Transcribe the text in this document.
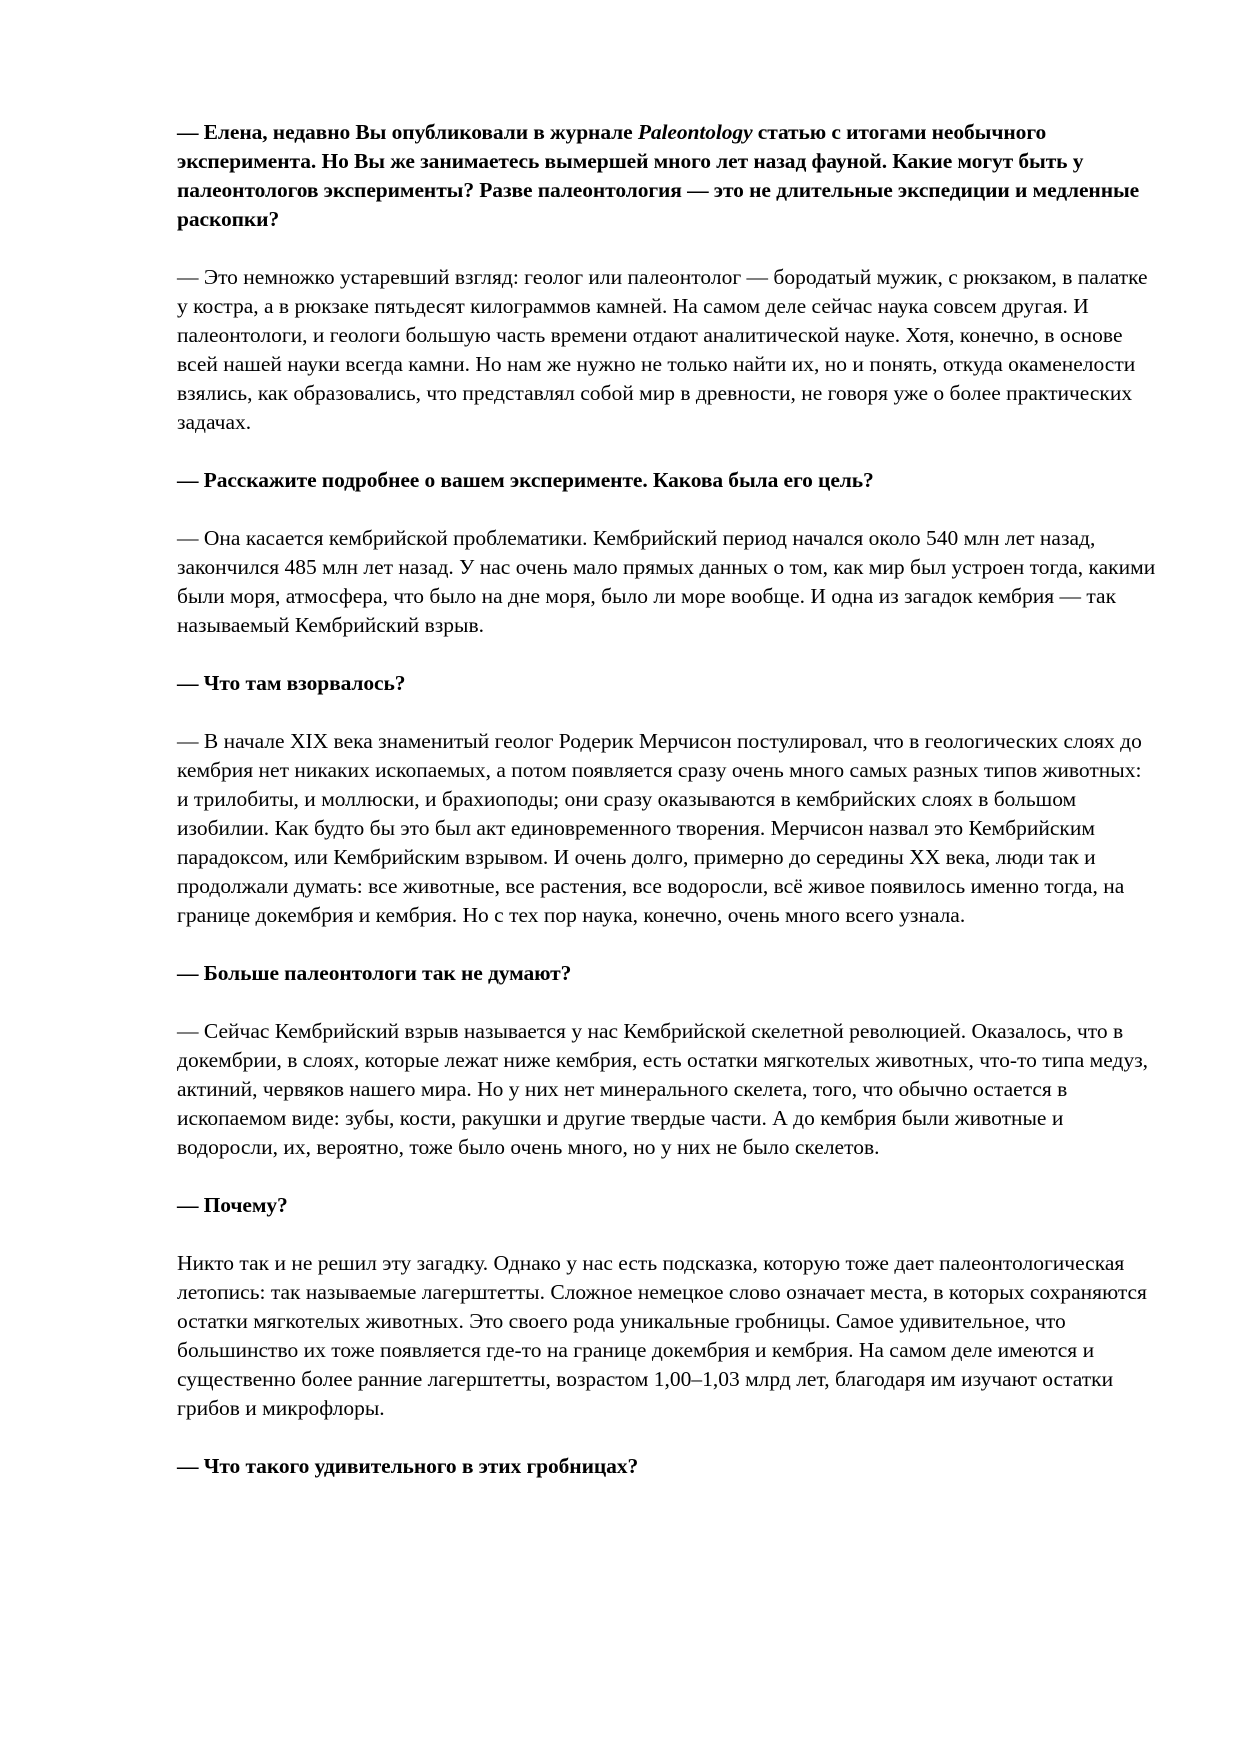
— Елена, недавно Вы опубликовали в журнале Paleontology статью с итогами необычного эксперимента. Но Вы же занимаетесь вымершей много лет назад фауной. Какие могут быть у палеонтологов эксперименты? Разве палеонтология — это не длительные экспедиции и медленные раскопки?

— Это немножко устаревший взгляд: геолог или палеонтолог — бородатый мужик, с рюкзаком, в палатке у костра, а в рюкзаке пятьдесят килограммов камней. На самом деле сейчас наука совсем другая. И палеонтологи, и геологи большую часть времени отдают аналитической науке. Хотя, конечно, в основе всей нашей науки всегда камни. Но нам же нужно не только найти их, но и понять, откуда окаменелости взялись, как образовались, что представлял собой мир в древности, не говоря уже о более практических задачах.

— Расскажите подробнее о вашем эксперименте. Какова была его цель?

— Она касается кембрийской проблематики. Кембрийский период начался около 540 млн лет назад, закончился 485 млн лет назад. У нас очень мало прямых данных о том, как мир был устроен тогда, какими были моря, атмосфера, что было на дне моря, было ли море вообще. И одна из загадок кембрия — так называемый Кембрийский взрыв.

— Что там взорвалось?

— В начале XIX века знаменитый геолог Родерик Мерчисон постулировал, что в геологических слоях до кембрия нет никаких ископаемых, а потом появляется сразу очень много самых разных типов животных: и трилобиты, и моллюски, и брахиоподы; они сразу оказываются в кембрийских слоях в большом изобилии. Как будто бы это был акт единовременного творения. Мерчисон назвал это Кембрийским парадоксом, или Кембрийским взрывом. И очень долго, примерно до середины XX века, люди так и продолжали думать: все животные, все растения, все водоросли, всё живое появилось именно тогда, на границе докембрия и кембрия. Но с тех пор наука, конечно, очень много всего узнала.

— Больше палеонтологи так не думают?

— Сейчас Кембрийский взрыв называется у нас Кембрийской скелетной революцией. Оказалось, что в докембрии, в слоях, которые лежат ниже кембрия, есть остатки мягкотелых животных, что-то типа медуз, актиний, червяков нашего мира. Но у них нет минерального скелета, того, что обычно остается в ископаемом виде: зубы, кости, ракушки и другие твердые части. А до кембрия были животные и водоросли, их, вероятно, тоже было очень много, но у них не было скелетов.

— Почему?

Никто так и не решил эту загадку. Однако у нас есть подсказка, которую тоже дает палеонтологическая летопись: так называемые лагерштетты. Сложное немецкое слово означает места, в которых сохраняются остатки мягкотелых животных. Это своего рода уникальные гробницы. Самое удивительное, что большинство их тоже появляется где-то на границе докембрия и кембрия. На самом деле имеются и существенно более ранние лагерштетты, возрастом 1,00–1,03 млрд лет, благодаря им изучают остатки грибов и микрофлоры.

— Что такого удивительного в этих гробницах?
